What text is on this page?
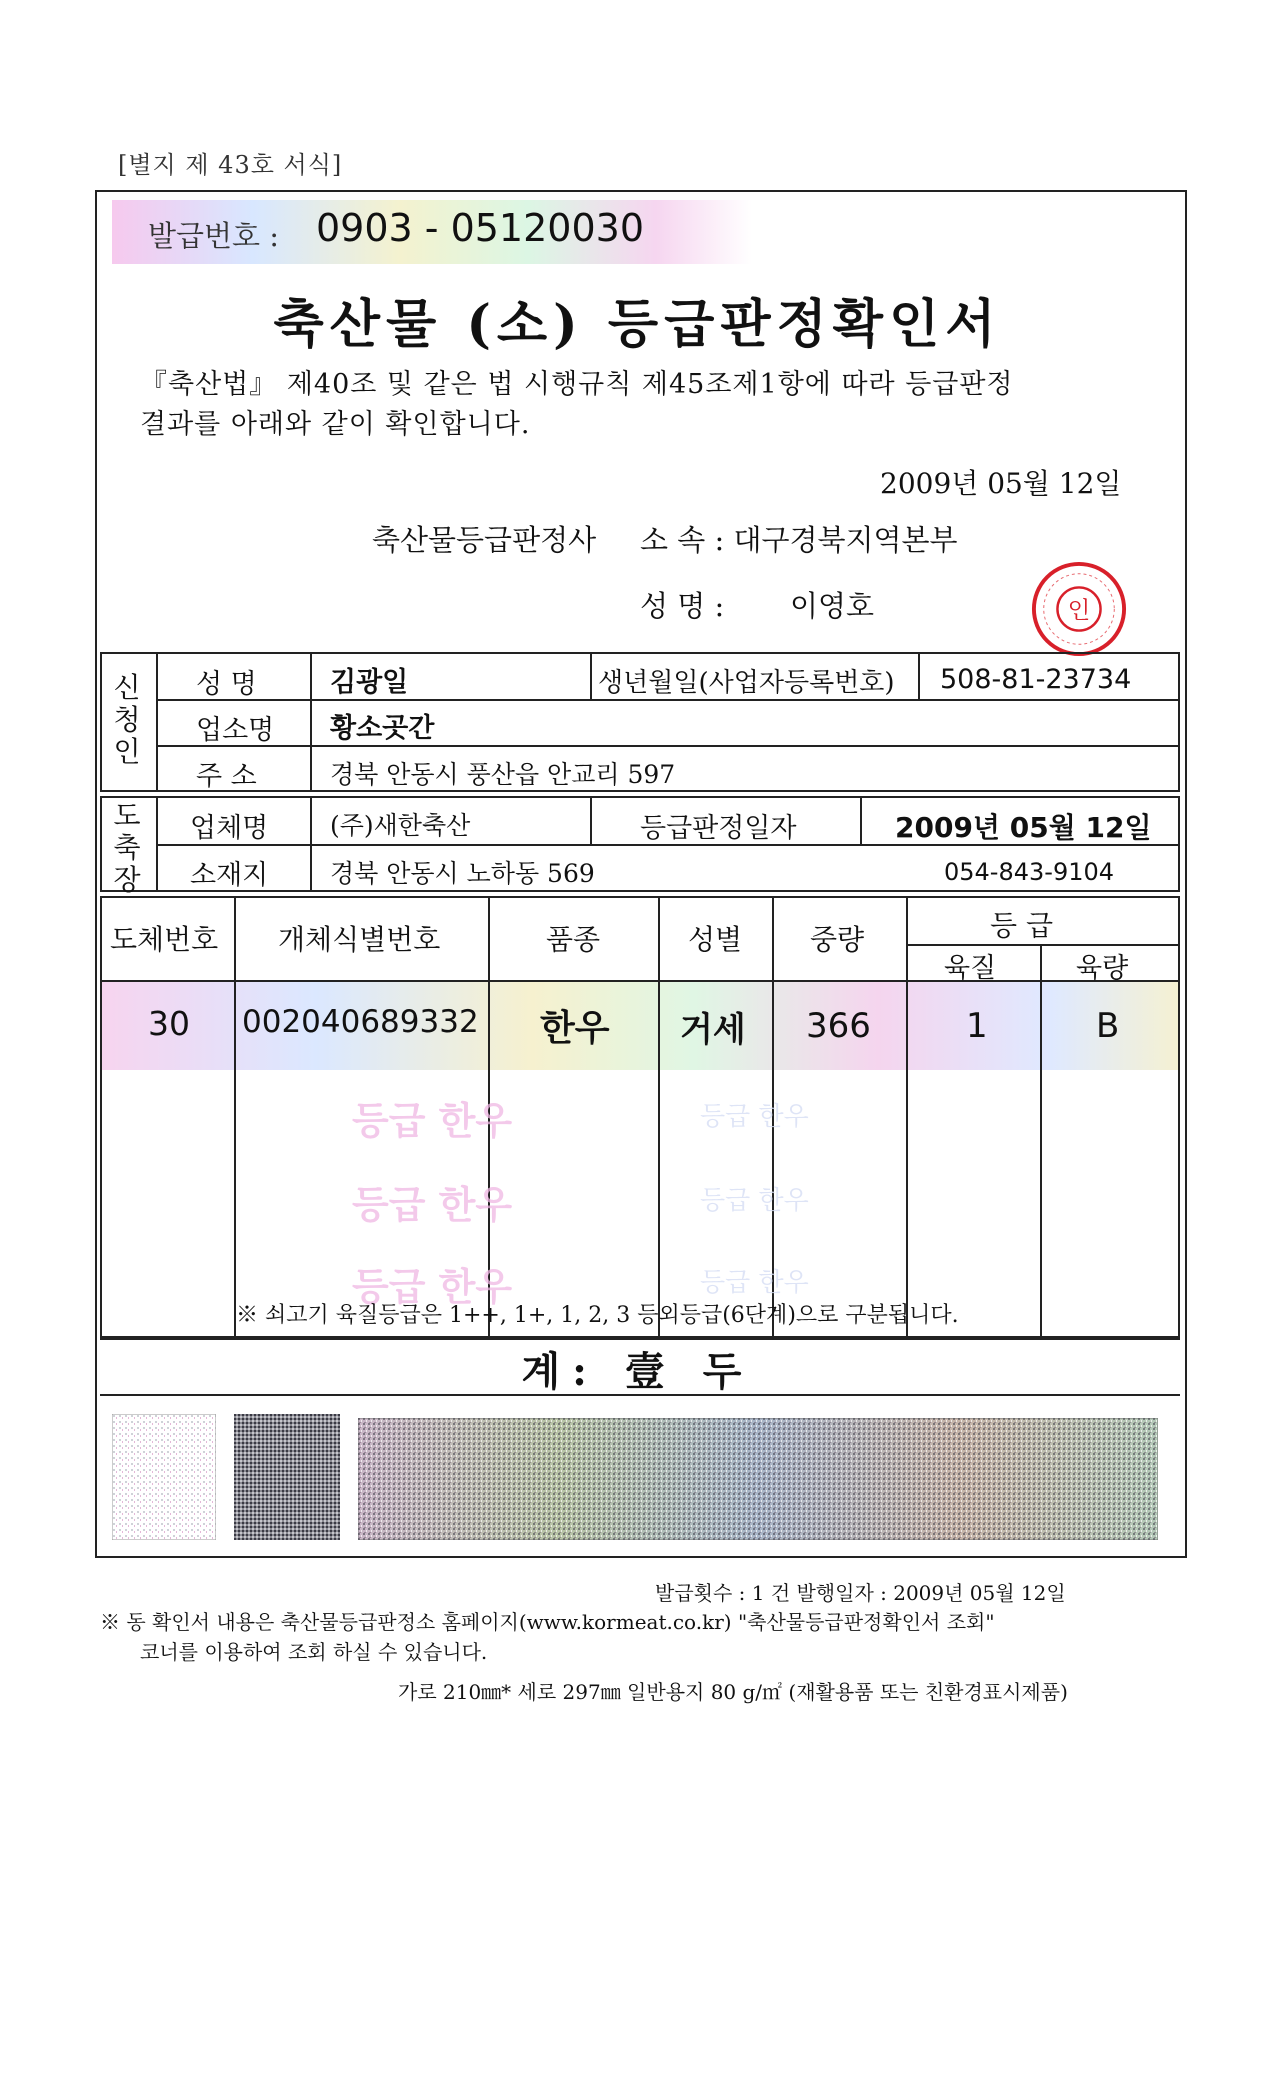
[별지 제 43호 서식]
발급번호 : 0903 - 05120030
축산물 (소) 등급판정확인서
『축산법』 제40조 및 같은 법 시행규칙 제45조제1항에 따라 등급판정
결과를 아래와 같이 확인합니다.
2009년 05월 12일
축산물등급판정사 소 속 : 대구경북지역본부
성 명 : 이영호	인
신
청
인
성 명	김광일	생년월일(사업자등록번호) 508-81-23734
업소명 황소곳간
주 소	경북 안동시 풍산읍 안교리 597
도
축
장
업체명 (주)새한축산	등급판정일자	2009년 05월 12일
소재지 경북 안동시 노하동 569	054-843-9104
도체번호 개체식별번호	품종	성별 중량	등 급
육질	육량
30 002040689332 한우 거세 366	1	B
등급 한우
등급 한우
등급 한우
등급 한우
등급 한우
등급 한우
※ 쇠고기 육질등급은 1++, 1+, 1, 2, 3 등외등급(6단계)으로 구분됩니다.
계: 壹 두
발급횟수 : 1 건 발행일자 : 2009년 05월 12일
※ 동 확인서 내용은 축산물등급판정소 홈페이지(www.kormeat.co.kr) "축산물등급판정확인서 조회"
코너를 이용하여 조회 하실 수 있습니다.
가로 210㎜* 세로 297㎜ 일반용지 80 g/㎡ (재활용품 또는 친환경표시제품)
